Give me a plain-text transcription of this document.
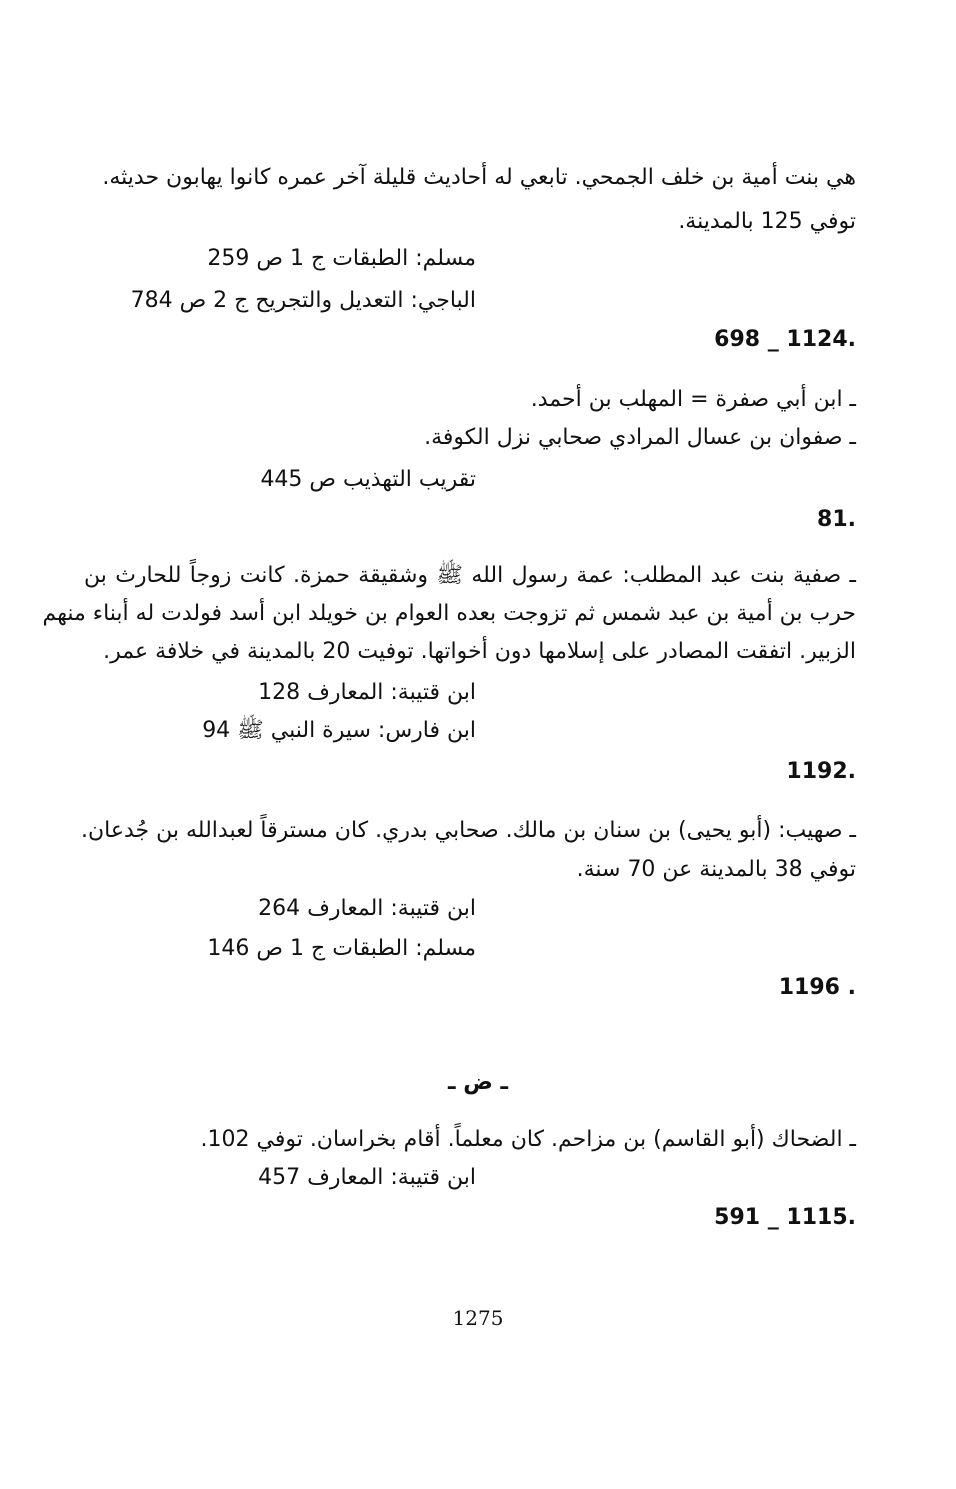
هي بنت أمية بن خلف الجمحي. تابعي له أحاديث قليلة آخر عمره كانوا يهابون حديثه.
توفي 125 بالمدينة.
مسلم: الطبقات ج 1 ص 259
الباجي: التعديل والتجريح ج 2 ص 784
.1124 _ 698
ـ ابن أبي صفرة = المهلب بن أحمد.
ـ صفوان بن عسال المرادي صحابي نزل الكوفة.
تقريب التهذيب ص 445
.81
ـ صفية بنت عبد المطلب: عمة رسول الله ﷺ وشقيقة حمزة. كانت زوجاً للحارث بن
حرب بن أمية بن عبد شمس ثم تزوجت بعده العوام بن خويلد ابن أسد فولدت له أبناء منهم
الزبير. اتفقت المصادر على إسلامها دون أخواتها. توفيت 20 بالمدينة في خلافة عمر.
ابن قتيبة: المعارف 128
ابن فارس: سيرة النبي ﷺ 94
.1192
ـ صهيب: (أبو يحيى) بن سنان بن مالك. صحابي بدري. كان مسترقاً لعبدالله بن جُدعان.
توفي 38 بالمدينة عن 70 سنة.
ابن قتيبة: المعارف 264
مسلم: الطبقات ج 1 ص 146
. 1196
ـ ض ـ
ـ الضحاك (أبو القاسم) بن مزاحم. كان معلماً. أقام بخراسان. توفي 102.
ابن قتيبة: المعارف 457
.1115 _ 591
1275
